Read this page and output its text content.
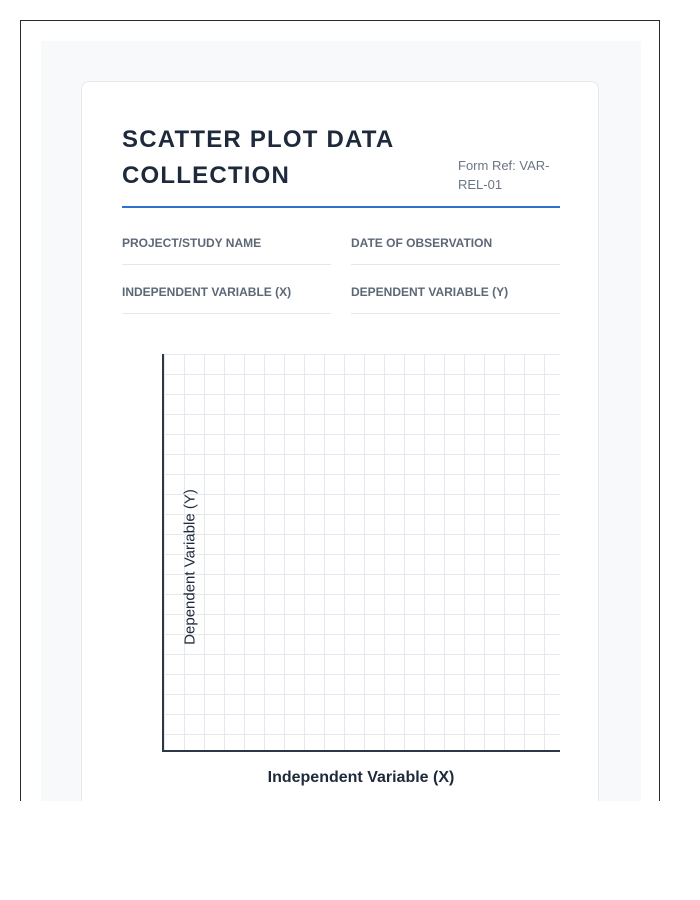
SCATTER PLOT DATA COLLECTION	Form Ref: VAR-REL-01
PROJECT/STUDY NAME	DATE OF OBSERVATION
INDEPENDENT VARIABLE (X)	DEPENDENT VARIABLE (Y)
Dependent Variable (Y)
Independent Variable (X)
